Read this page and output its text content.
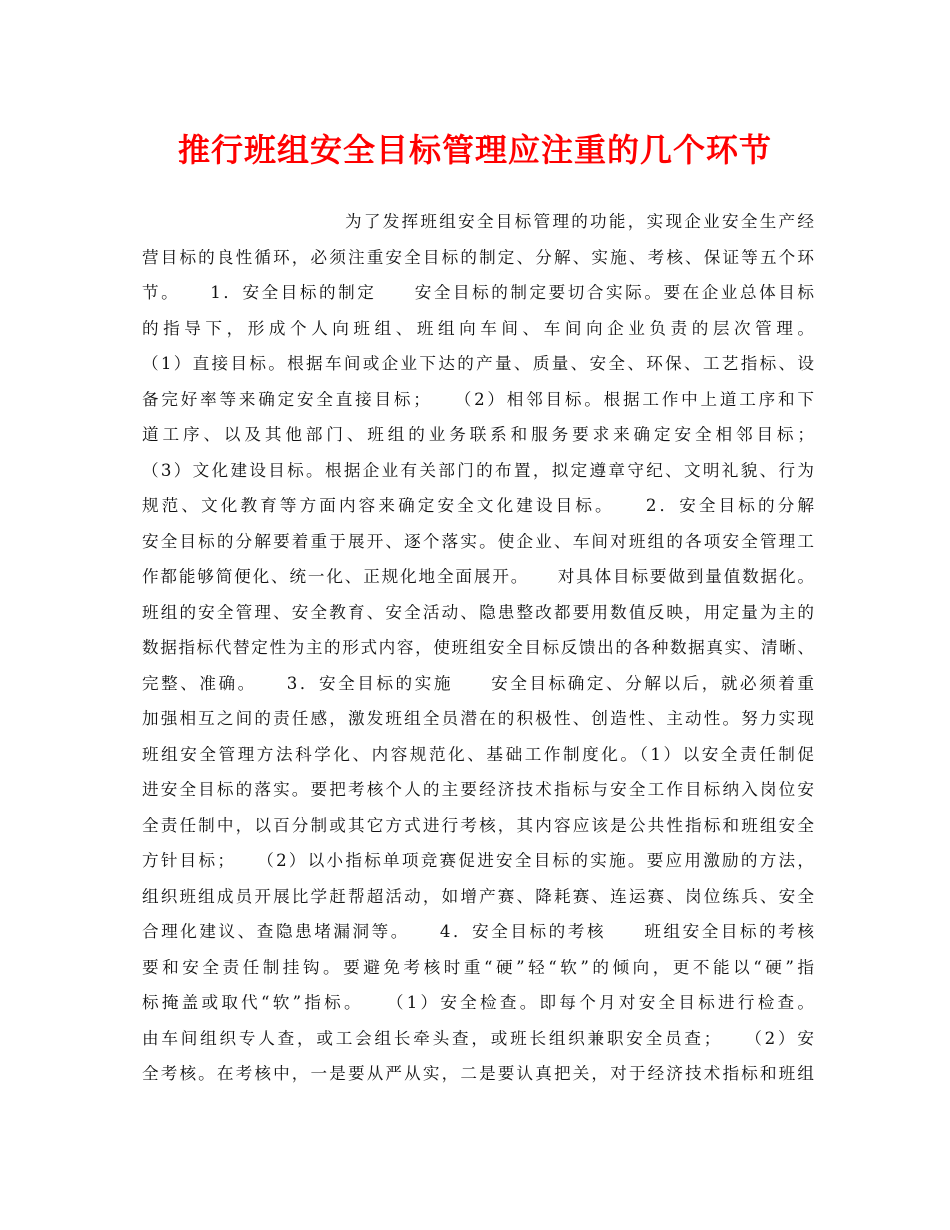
推行班组安全目标管理应注重的几个环节
为了发挥班组安全目标管理的功能，实现企业安全生产经
营目标的良性循环，必须注重安全目标的制定、分解、实施、考核、保证等五个环
节。　　1．安全目标的制定　　安全目标的制定要切合实际。要在企业总体目标
的指导下，形成个人向班组、班组向车间、车间向企业负责的层次管理。
（1）直接目标。根据车间或企业下达的产量、质量、安全、环保、工艺指标、设
备完好率等来确定安全直接目标；　　（2）相邻目标。根据工作中上道工序和下
道工序、以及其他部门、班组的业务联系和服务要求来确定安全相邻目标；
（3）文化建设目标。根据企业有关部门的布置，拟定遵章守纪、文明礼貌、行为
规范、文化教育等方面内容来确定安全文化建设目标。　　2．安全目标的分解
安全目标的分解要着重于展开、逐个落实。使企业、车间对班组的各项安全管理工
作都能够简便化、统一化、正规化地全面展开。　　对具体目标要做到量值数据化。
班组的安全管理、安全教育、安全活动、隐患整改都要用数值反映，用定量为主的
数据指标代替定性为主的形式内容，使班组安全目标反馈出的各种数据真实、清晰、
完整、准确。　　3．安全目标的实施　　安全目标确定、分解以后，就必须着重
加强相互之间的责任感，激发班组全员潜在的积极性、创造性、主动性。努力实现
班组安全管理方法科学化、内容规范化、基础工作制度化。（1）以安全责任制促
进安全目标的落实。要把考核个人的主要经济技术指标与安全工作目标纳入岗位安
全责任制中，以百分制或其它方式进行考核，其内容应该是公共性指标和班组安全
方针目标；　　（2）以小指标单项竞赛促进安全目标的实施。要应用激励的方法，
组织班组成员开展比学赶帮超活动，如增产赛、降耗赛、连运赛、岗位练兵、安全
合理化建议、查隐患堵漏洞等。　　4．安全目标的考核　　班组安全目标的考核
要和安全责任制挂钩。要避免考核时重“硬”轻“软”的倾向，更不能以“硬”指
标掩盖或取代“软”指标。　　（1）安全检查。即每个月对安全目标进行检查。
由车间组织专人查，或工会组长牵头查，或班长组织兼职安全员查；　　（2）安
全考核。在考核中，一是要从严从实，二是要认真把关，对于经济技术指标和班组
